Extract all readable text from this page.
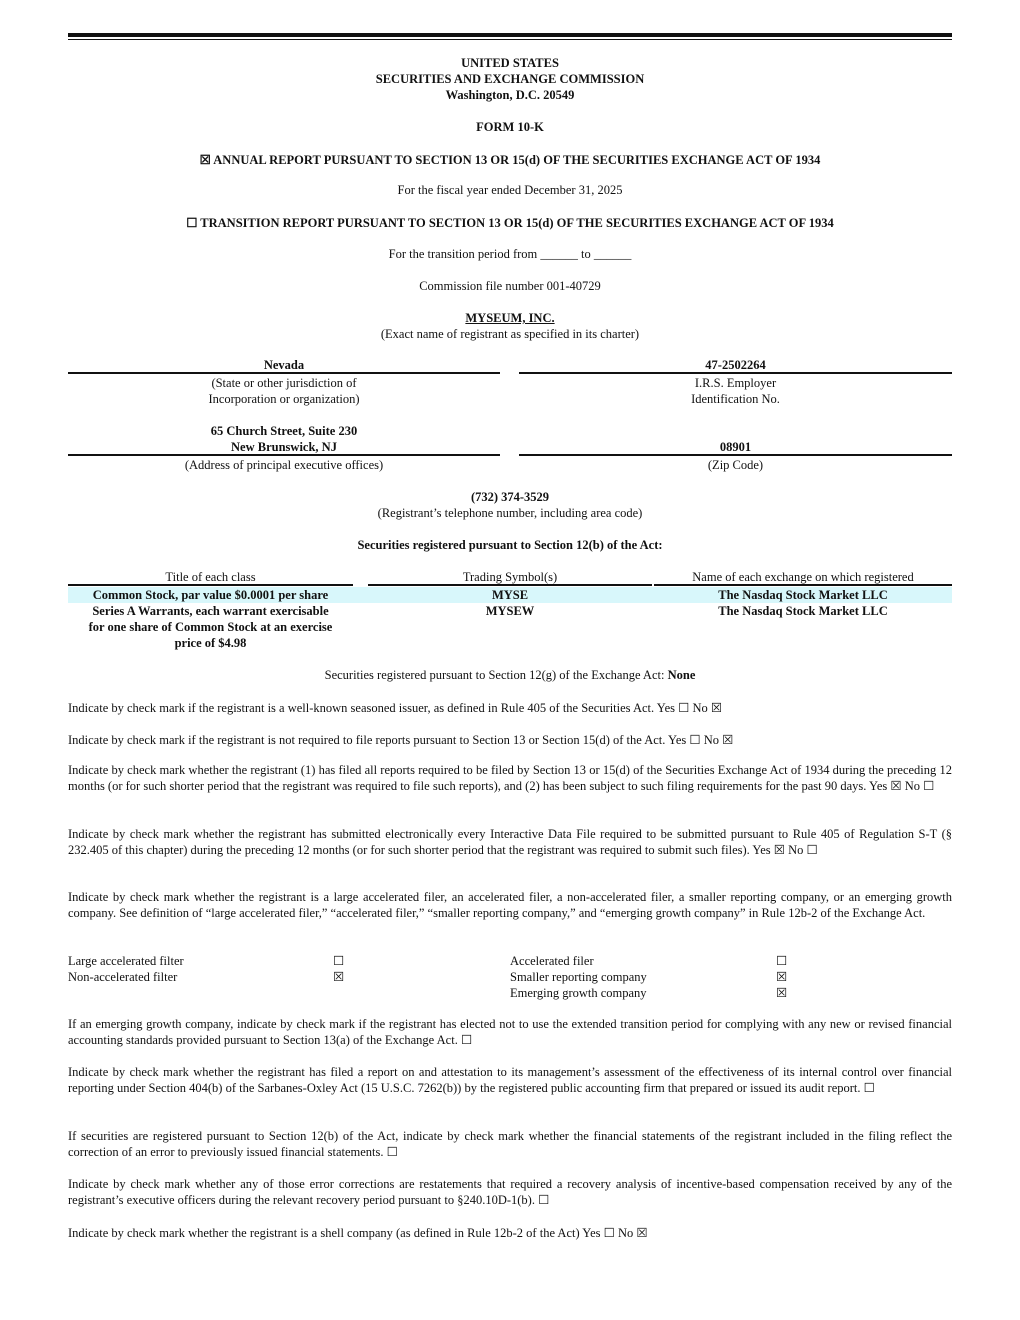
UNITED STATES
SECURITIES AND EXCHANGE COMMISSION
Washington, D.C. 20549
FORM 10-K
☒ ANNUAL REPORT PURSUANT TO SECTION 13 OR 15(d) OF THE SECURITIES EXCHANGE ACT OF 1934
For the fiscal year ended December 31, 2025
☐ TRANSITION REPORT PURSUANT TO SECTION 13 OR 15(d) OF THE SECURITIES EXCHANGE ACT OF 1934
For the transition period from ______ to ______
Commission file number 001-40729
MYSEUM, INC.
(Exact name of registrant as specified in its charter)
Nevada
(State or other jurisdiction of
Incorporation or organization)
47-2502264
I.R.S. Employer
Identification No.
65 Church Street, Suite 230
New Brunswick, NJ
(Address of principal executive offices)
08901
(Zip Code)
(732) 374-3529
(Registrant’s telephone number, including area code)
Securities registered pursuant to Section 12(b) of the Act:
Title of each class	Trading Symbol(s)	Name of each exchange on which registered
Common Stock, par value $0.0001 per share	MYSE	The Nasdaq Stock Market LLC
Series A Warrants, each warrant exercisable
for one share of Common Stock at an exercise
price of $4.98
MYSEW	The Nasdaq Stock Market LLC
Securities registered pursuant to Section 12(g) of the Exchange Act: None
Indicate by check mark if the registrant is a well-known seasoned issuer, as defined in Rule 405 of the Securities Act. Yes ☐ No ☒
Indicate by check mark if the registrant is not required to file reports pursuant to Section 13 or Section 15(d) of the Act. Yes ☐ No ☒
Indicate by check mark whether the registrant (1) has filed all reports required to be filed by Section 13 or 15(d) of the Securities Exchange Act of 1934 during the preceding 12 months (or for such shorter period that the registrant was required to file such reports), and (2) has been subject to such filing requirements for the past 90 days. Yes ☒ No ☐
Indicate by check mark whether the registrant has submitted electronically every Interactive Data File required to be submitted pursuant to Rule 405 of Regulation S-T (§ 232.405 of this chapter) during the preceding 12 months (or for such shorter period that the registrant was required to submit such files). Yes ☒ No ☐
Indicate by check mark whether the registrant is a large accelerated filer, an accelerated filer, a non-accelerated filer, a smaller reporting company, or an emerging growth company. See definition of “large accelerated filer,” “accelerated filer,” “smaller reporting company,” and “emerging growth company” in Rule 12b-2 of the Exchange Act.
Large accelerated filter	☐
Non-accelerated filter	☒
Accelerated filer	☐
Smaller reporting company	☒
Emerging growth company	☒
If an emerging growth company, indicate by check mark if the registrant has elected not to use the extended transition period for complying with any new or revised financial accounting standards provided pursuant to Section 13(a) of the Exchange Act. ☐
Indicate by check mark whether the registrant has filed a report on and attestation to its management’s assessment of the effectiveness of its internal control over financial reporting under Section 404(b) of the Sarbanes-Oxley Act (15 U.S.C. 7262(b)) by the registered public accounting firm that prepared or issued its audit report. ☐
If securities are registered pursuant to Section 12(b) of the Act, indicate by check mark whether the financial statements of the registrant included in the filing reflect the correction of an error to previously issued financial statements. ☐
Indicate by check mark whether any of those error corrections are restatements that required a recovery analysis of incentive-based compensation received by any of the registrant’s executive officers during the relevant recovery period pursuant to §240.10D-1(b). ☐
Indicate by check mark whether the registrant is a shell company (as defined in Rule 12b-2 of the Act) Yes ☐ No ☒
